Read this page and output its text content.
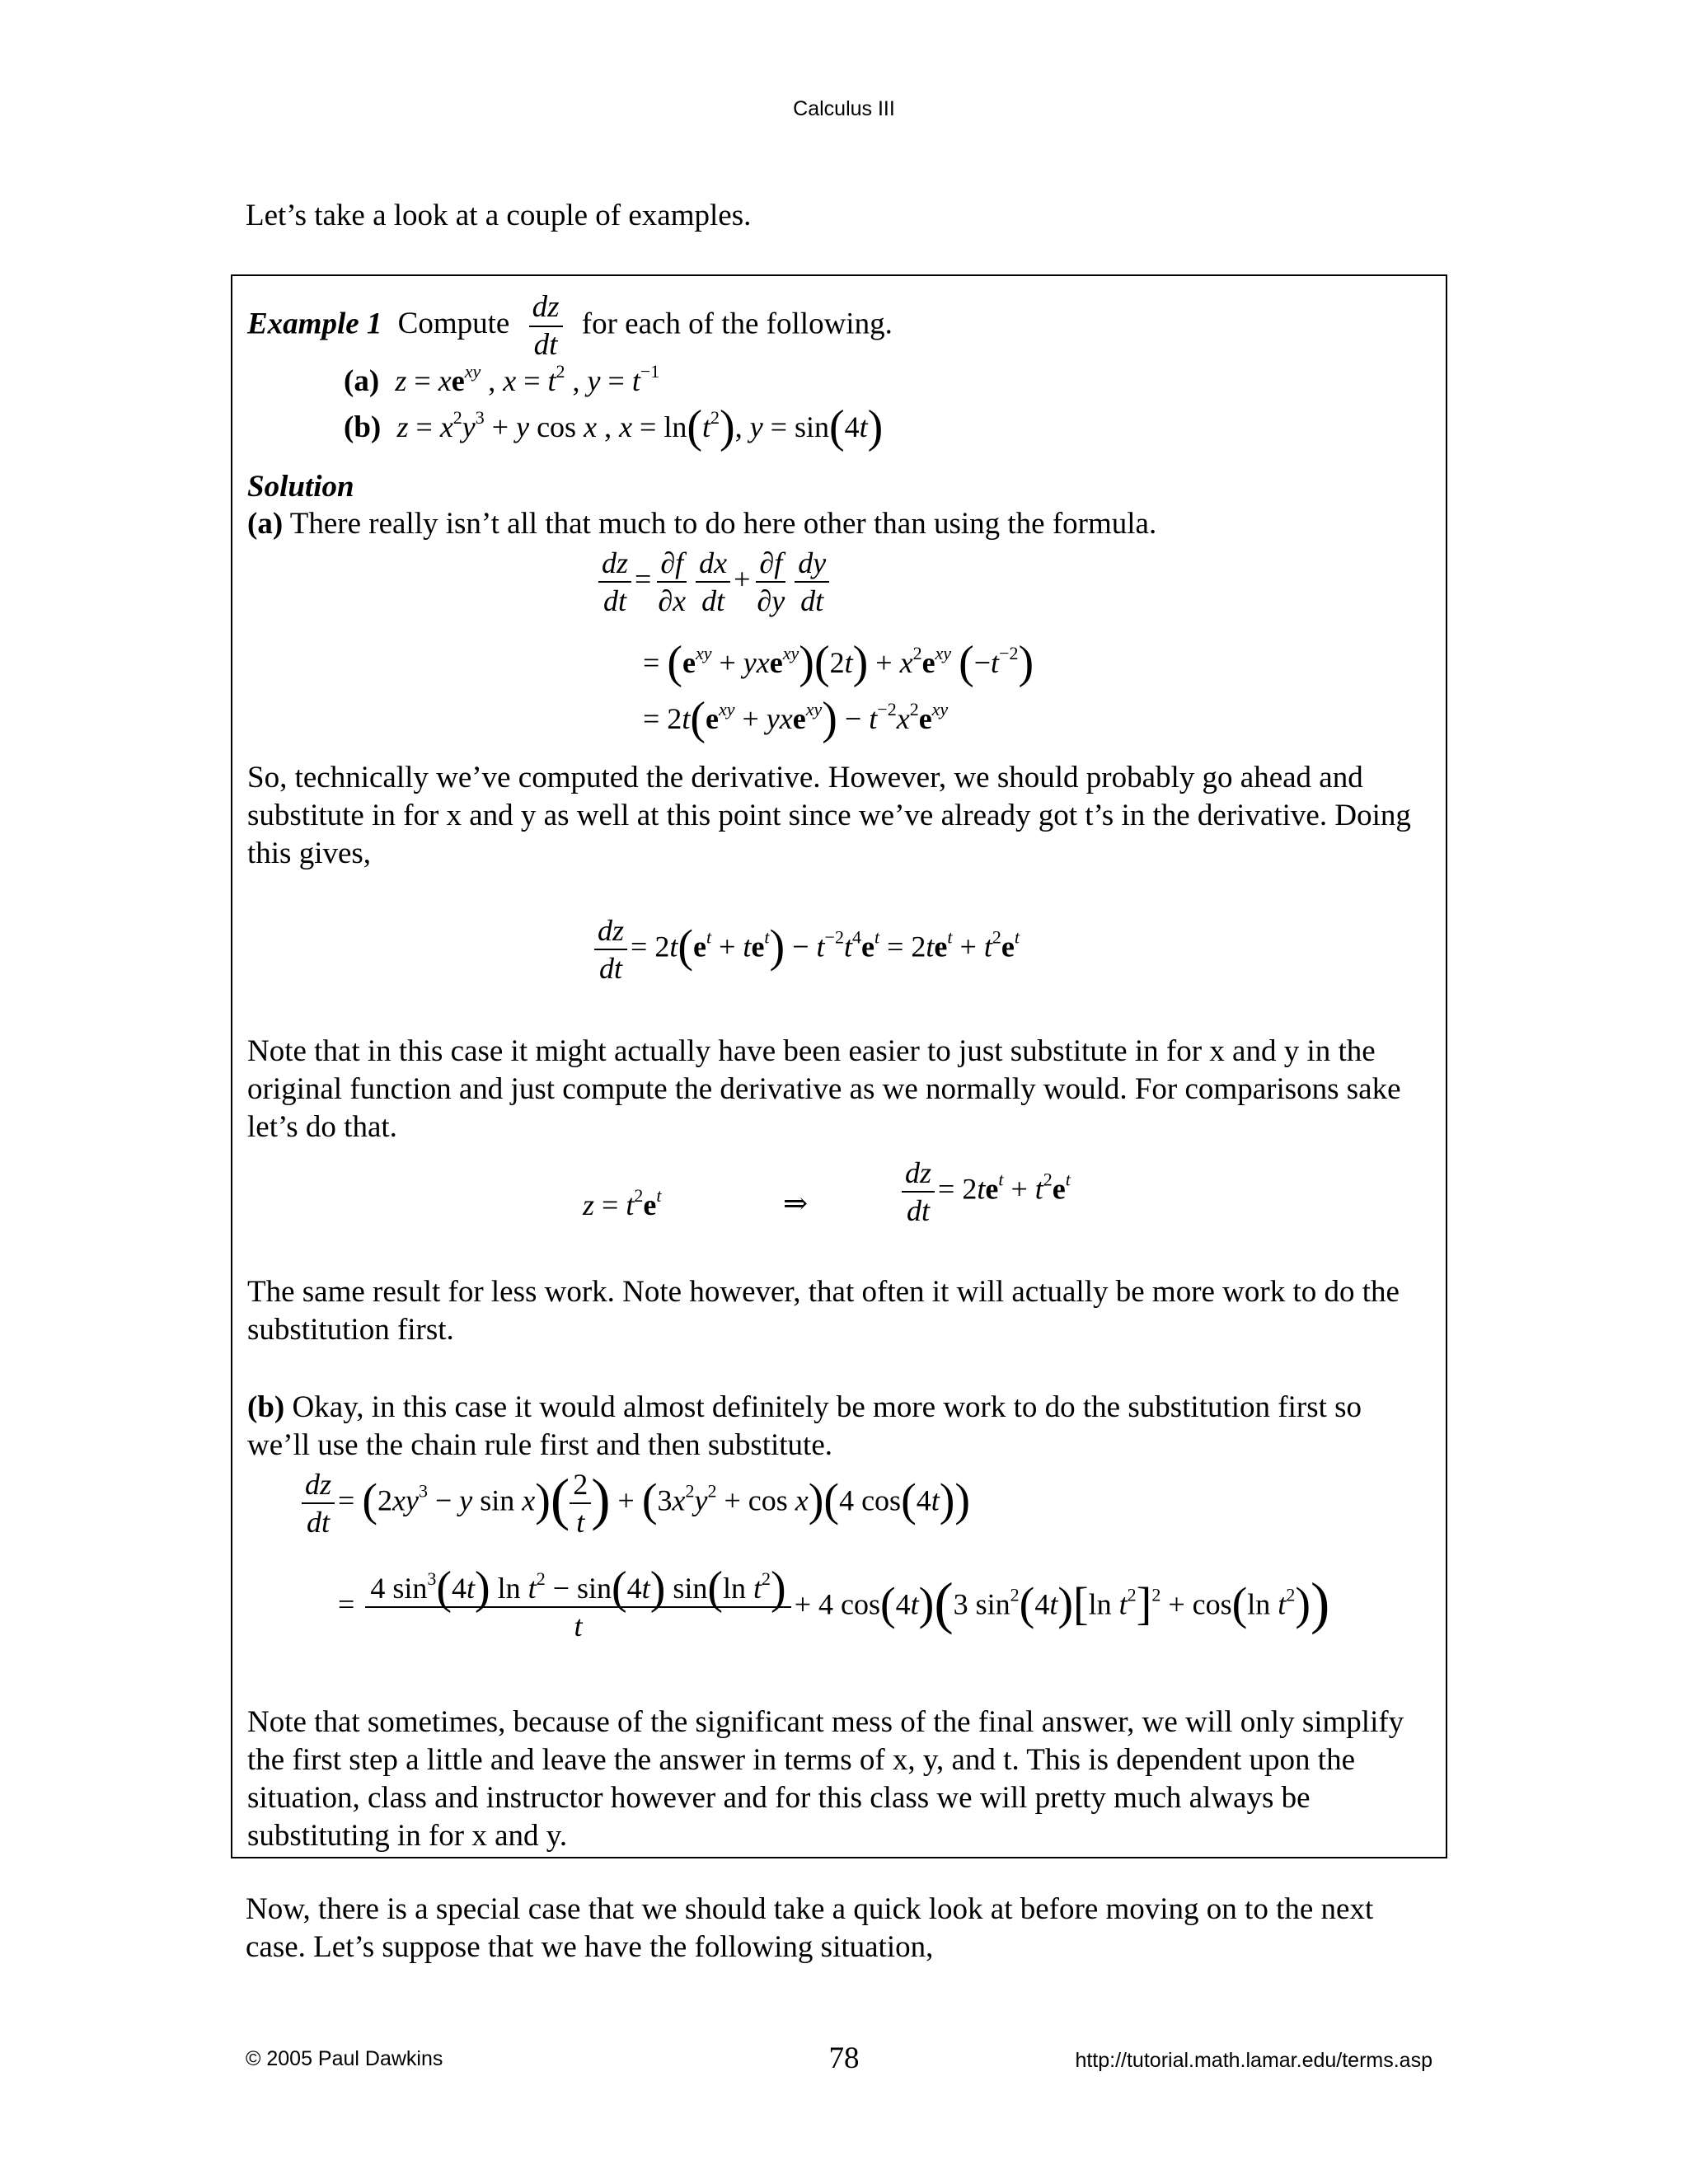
Calculus III
Let’s take a look at a couple of examples.
Example 1 Compute $\frac{dz}{dt}$ for each of the following.
(a) $z = xe^{xy}$ , $x = t^2$ , $y = t^{-1}$
(b) $z = x^2y^3 + y$ cos x , $x = \ln(t^2)$, y = sin(4t)
Solution
(a) There really isn’t all that much to do here other than using the formula.
$\frac{dz}{dt} = \frac{\partial f}{\partial x} \frac{dx}{dt} + \frac{\partial f}{\partial y} \frac{dy}{dt}$
= $(e^{xy} + yxe^{xy})(2t) + x^2e^{xy}$ $(-t^{-2})$
= $2t(e^{xy} + yxe^{xy}) - t^{-2}x^2e^{xy}$
So, technically we’ve computed the derivative. However, we should probably go ahead and substitute in for x and y as well at this point since we’ve already got t’s in the derivative. Doing this gives,
$\frac{dz}{dt} = 2t(e^t + te^t) - t^{-2}t^4e^t = 2te^t + t^2e^t$
Note that in this case it might actually have been easier to just substitute in for x and y in the original function and just compute the derivative as we normally would. For comparisons sake let’s do that.
$z = t^2e^t$	⇒	$\frac{dz}{dt} = 2te^t + t^2e^t$
The same result for less work. Note however, that often it will actually be more work to do the substitution first.
(b) Okay, in this case it would almost definitely be more work to do the substitution first so we’ll use the chain rule first and then substitute.
$\frac{dz}{dt} = (2xy^3 - y$ $\sin x)( \frac{2}{t}$ ) + $(3x^2y^2 + \cos x)(4$ cos(4t))
= $\frac{4 \sin^3(4t) \ln t^2 - \sin(4t) \sin(\ln t^2)}{t} + 4$ cos(4t)(3 $\sin^2(4t)[\ln$ $t^2]^2 + \cos(\ln$ $t^2$))
Note that sometimes, because of the significant mess of the final answer, we will only simplify the first step a little and leave the answer in terms of x, y, and t. This is dependent upon the situation, class and instructor however and for this class we will pretty much always be substituting in for x and y.
Now, there is a special case that we should take a quick look at before moving on to the next case. Let’s suppose that we have the following situation,
© 2005 Paul Dawkins	78	http://tutorial.math.lamar.edu/terms.asp
